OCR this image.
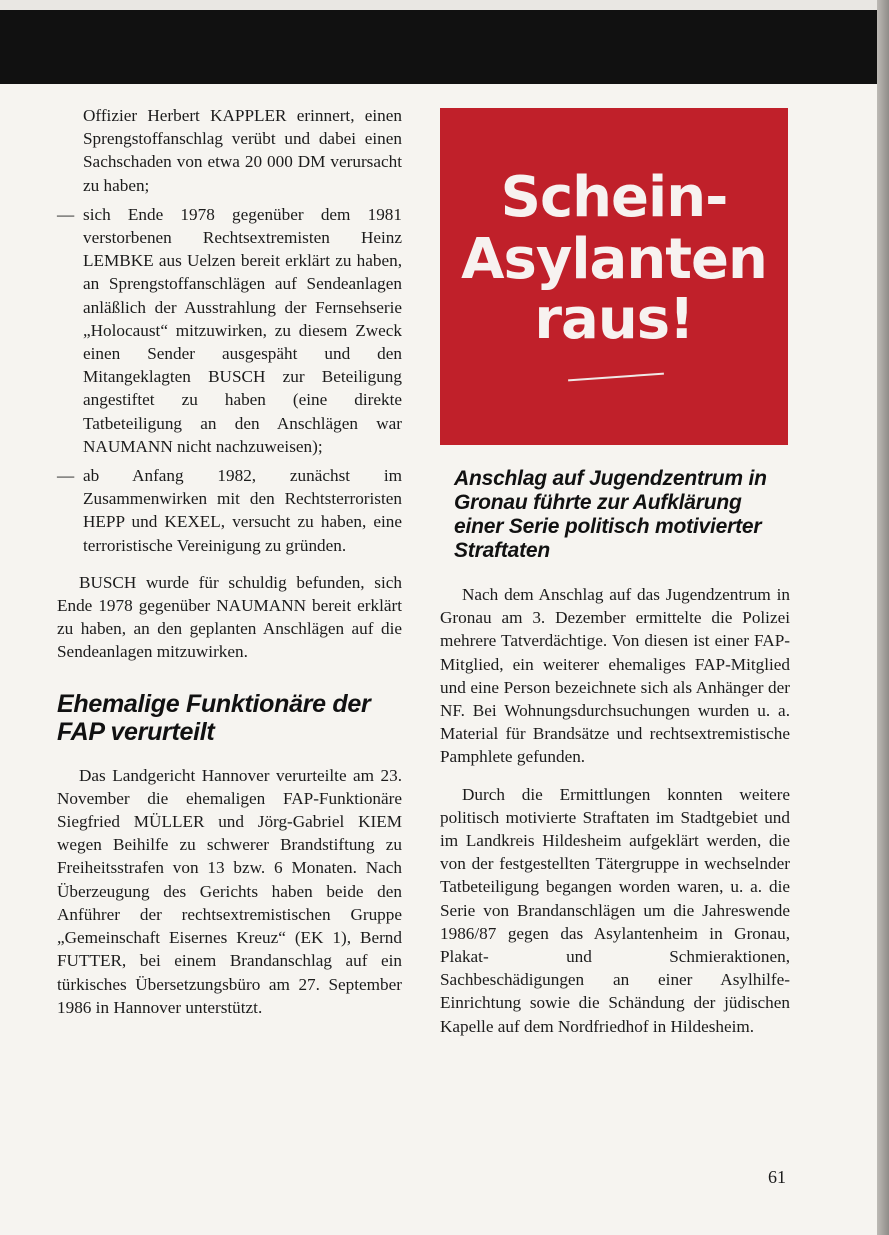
Offizier Herbert KAPPLER erinnert, einen Sprengstoffanschlag verübt und dabei einen Sachschaden von etwa 20 000 DM verursacht zu haben;

— sich Ende 1978 gegenüber dem 1981 verstorbenen Rechtsextremisten Heinz LEMBKE aus Uelzen bereit erklärt zu haben, an Sprengstoffanschlägen auf Sendeanlagen anläßlich der Ausstrahlung der Fernsehserie „Holocaust“ mitzuwirken, zu diesem Zweck einen Sender ausgespäht und den Mitangeklagten BUSCH zur Beteiligung angestiftet zu haben (eine direkte Tatbeteiligung an den Anschlägen war NAUMANN nicht nachzuweisen);
— ab Anfang 1982, zunächst im Zusammenwirken mit den Rechtsterroristen HEPP und KEXEL, versucht zu haben, eine terroristische Vereinigung zu gründen.

BUSCH wurde für schuldig befunden, sich Ende 1978 gegenüber NAUMANN bereit erklärt zu haben, an den geplanten Anschlägen auf die Sendeanlagen mitzuwirken.

Ehemalige Funktionäre der FAP verurteilt

Das Landgericht Hannover verurteilte am 23. November die ehemaligen FAP-Funktionäre Siegfried MÜLLER und Jörg-Gabriel KIEM wegen Beihilfe zu schwerer Brandstiftung zu Freiheitsstrafen von 13 bzw. 6 Monaten. Nach Überzeugung des Gerichts haben beide den Anführer der rechtsextremistischen Gruppe „Gemeinschaft Eisernes Kreuz“ (EK 1), Bernd FUTTER, bei einem Brandanschlag auf ein türkisches Übersetzungsbüro am 27. September 1986 in Hannover unterstützt.

Schein-
Asylanten
raus!
Anschlag auf Jugendzentrum in Gronau führte zur Aufklärung einer Serie politisch motivierter Straftaten

Nach dem Anschlag auf das Jugendzentrum in Gronau am 3. Dezember ermittelte die Polizei mehrere Tatverdächtige. Von diesen ist einer FAP-Mitglied, ein weiterer ehemaliges FAP-Mitglied und eine Person bezeichnete sich als Anhänger der NF. Bei Wohnungsdurchsuchungen wurden u. a. Material für Brandsätze und rechtsextremistische Pamphlete gefunden.

Durch die Ermittlungen konnten weitere politisch motivierte Straftaten im Stadtgebiet und im Landkreis Hildesheim aufgeklärt werden, die von der festgestellten Tätergruppe in wechselnder Tatbeteiligung begangen worden waren, u. a. die Serie von Brandanschlägen um die Jahreswende 1986/87 gegen das Asylantenheim in Gronau, Plakat- und Schmieraktionen, Sachbeschädigungen an einer Asylhilfe-Einrichtung sowie die Schändung der jüdischen Kapelle auf dem Nordfriedhof in Hildesheim.

61
